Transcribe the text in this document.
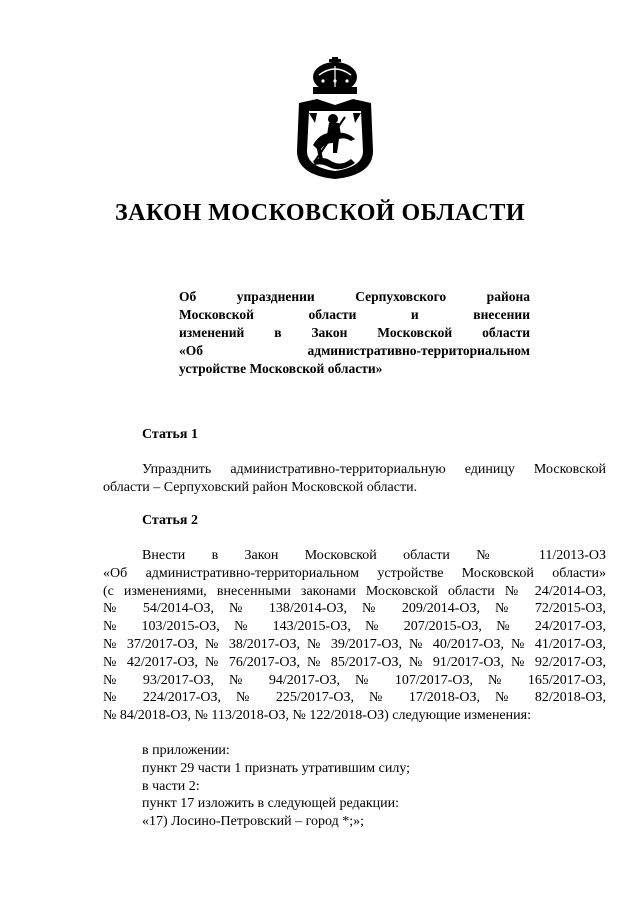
ЗАКОН МОСКОВСКОЙ ОБЛАСТИ
Об упразднении Серпуховского района
Московской области и внесении
изменений в Закон Московской области
«Об административно-территориальном
устройстве Московской области»
Статья 1
Упразднить административно-территориальную единицу Московской
области – Серпуховский район Московской области.
Статья 2
Внести в Закон Московской области № 11/2013-ОЗ
«Об административно-территориальном устройстве Московской области»
(с изменениями, внесенными законами Московской области № 24/2014-ОЗ,
№ 54/2014-ОЗ, № 138/2014-ОЗ, № 209/2014-ОЗ, № 72/2015-ОЗ,
№ 103/2015-ОЗ, № 143/2015-ОЗ, № 207/2015-ОЗ, № 24/2017-ОЗ,
№ 37/2017-ОЗ, № 38/2017-ОЗ, № 39/2017-ОЗ, № 40/2017-ОЗ, № 41/2017-ОЗ,
№ 42/2017-ОЗ, № 76/2017-ОЗ, № 85/2017-ОЗ, № 91/2017-ОЗ, № 92/2017-ОЗ,
№ 93/2017-ОЗ, № 94/2017-ОЗ, № 107/2017-ОЗ, № 165/2017-ОЗ,
№ 224/2017-ОЗ, № 225/2017-ОЗ, № 17/2018-ОЗ, № 82/2018-ОЗ,
№ 84/2018-ОЗ, № 113/2018-ОЗ, № 122/2018-ОЗ) следующие изменения:
в приложении:
пункт 29 части 1 признать утратившим силу;
в части 2:
пункт 17 изложить в следующей редакции:
«17) Лосино-Петровский – город *;»;
